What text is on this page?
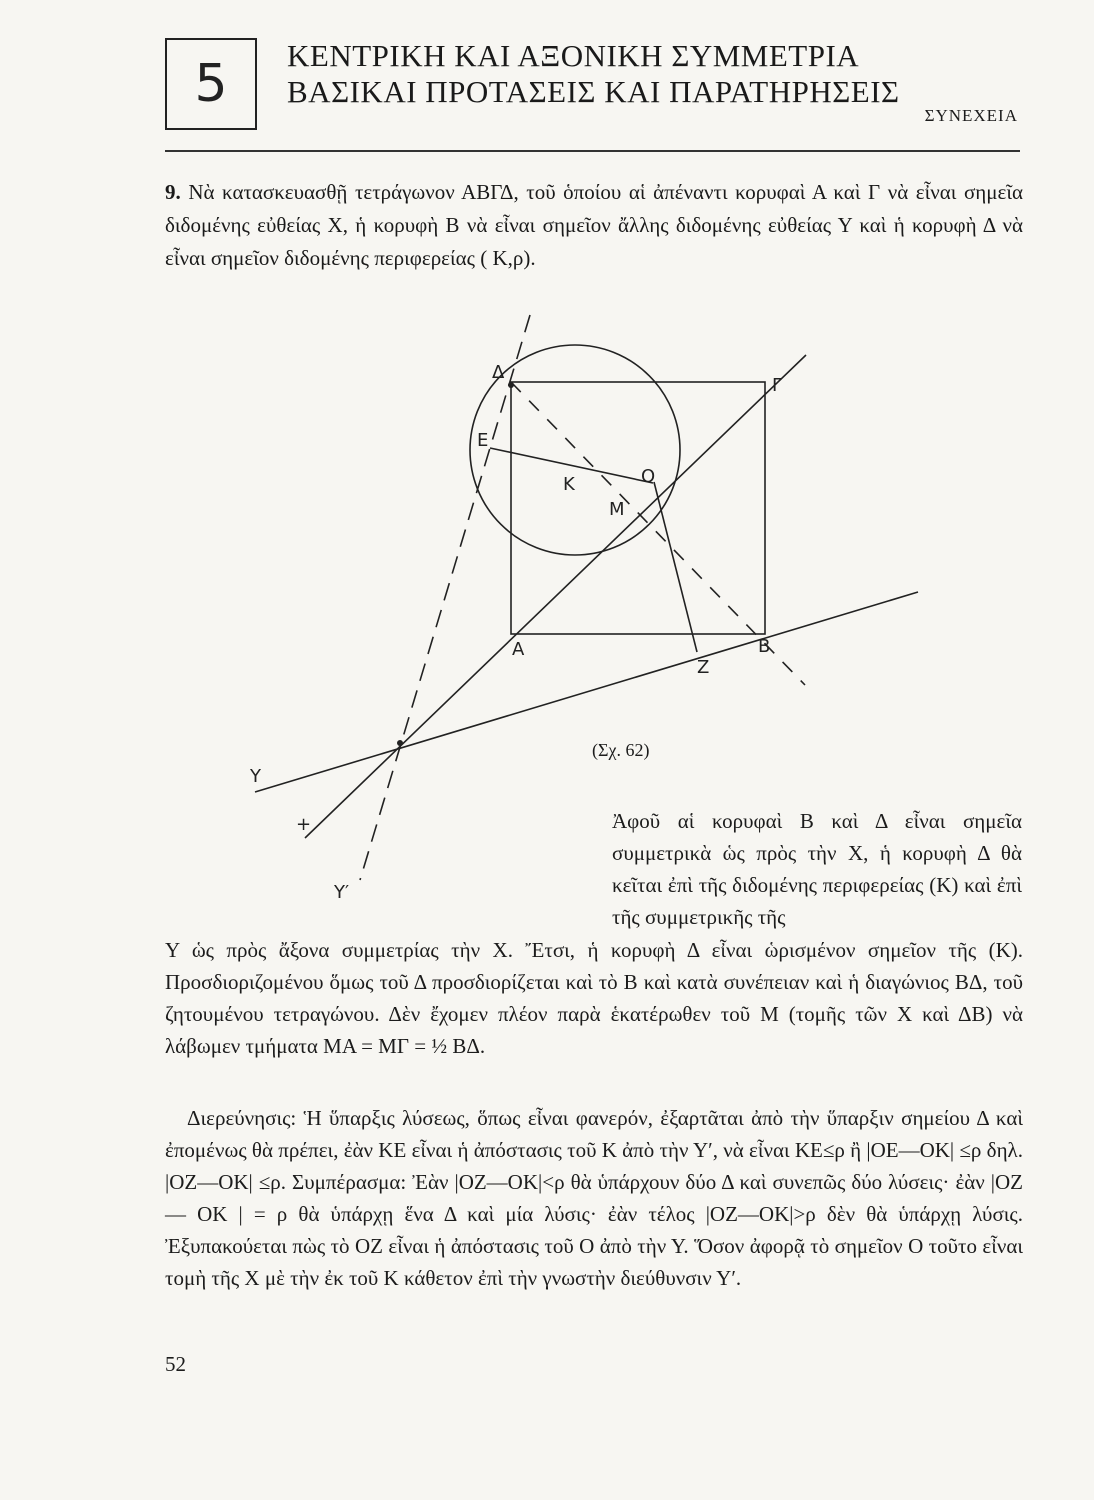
5 ΚΕΝΤΡΙΚΗ ΚΑΙ ΑΞΟΝΙΚΗ ΣΥΜΜΕΤΡΙΑ
ΒΑΣΙΚΑΙ ΠΡΟΤΑΣΕΙΣ ΚΑΙ ΠΑΡΑΤΗΡΗΣΕΙΣ
ΣΥΝΕΧΕΙΑ
9. Νὰ κατασκευασθῇ τετράγωνον ΑΒΓΔ, τοῦ ὁποίου αἱ ἀπέναντι κορυφαὶ Α καὶ Γ νὰ εἶναι σημεῖα διδομένης εὐθείας Χ, ἡ κορυφὴ Β νὰ εἶναι σημεῖον ἄλλης διδομένης εὐθείας Υ καὶ ἡ κορυφὴ Δ νὰ εἶναι σημεῖον διδομένης περιφερείας ( Κ,ρ).
Δ
Γ
E
K	O
M
A	B
Z
Y
+
Y′
(Σχ. 62)
Ἀφοῦ αἱ κορυφαὶ Β καὶ Δ εἶναι σημεῖα συμμετρικὰ ὡς πρὸς τὴν Χ, ἡ κορυφὴ Δ θὰ κεῖται ἐπὶ τῆς διδομένης περιφερείας (Κ) καὶ ἐπὶ τῆς συμμετρικῆς τῆς
Υ ὡς πρὸς ἄξονα συμμετρίας τὴν Χ. Ἔτσι, ἡ κορυφὴ Δ εἶναι ὡρισμένον σημεῖον τῆς (Κ). Προσδιοριζομένου ὅμως τοῦ Δ προσδιορίζεται καὶ τὸ Β καὶ κατὰ συνέπειαν καὶ ἡ διαγώνιος ΒΔ, τοῦ ζητουμένου τετραγώνου. Δὲν ἔχομεν πλέον παρὰ ἑκατέρωθεν τοῦ Μ (τομῆς τῶν Χ καὶ ΔΒ) νὰ λάβωμεν τμήματα ΜΑ = ΜΓ = ½ ΒΔ.
Διερεύνησις: Ἡ ὕπαρξις λύσεως, ὅπως εἶναι φανερόν, ἐξαρτᾶται ἀπὸ τὴν ὕπαρξιν σημείου Δ καὶ ἐπομένως θὰ πρέπει, ἐὰν ΚΕ εἶναι ἡ ἀπόστασις τοῦ Κ ἀπὸ τὴν Υ′, νὰ εἶναι ΚΕ≤ρ ἢ |ΟΕ—ΟΚ| ≤ρ δηλ. |ΟΖ—ΟΚ| ≤ρ. Συμπέρασμα: Ἐὰν |ΟΖ—ΟΚ|<ρ θὰ ὑπάρχουν δύο Δ καὶ συνεπῶς δύο λύσεις· ἐὰν |ΟΖ — ΟΚ | = ρ θὰ ὑπάρχῃ ἕνα Δ καὶ μία λύσις· ἐὰν τέλος |ΟΖ—ΟΚ|>ρ δὲν θὰ ὑπάρχῃ λύσις. Ἐξυπακούεται πὼς τὸ ΟΖ εἶναι ἡ ἀπόστασις τοῦ Ο ἀπὸ τὴν Υ. Ὅσον ἀφορᾷ τὸ σημεῖον Ο τοῦτο εἶναι τομὴ τῆς Χ μὲ τὴν ἐκ τοῦ Κ κάθετον ἐπὶ τὴν γνωστὴν διεύθυνσιν Υ′.
52
